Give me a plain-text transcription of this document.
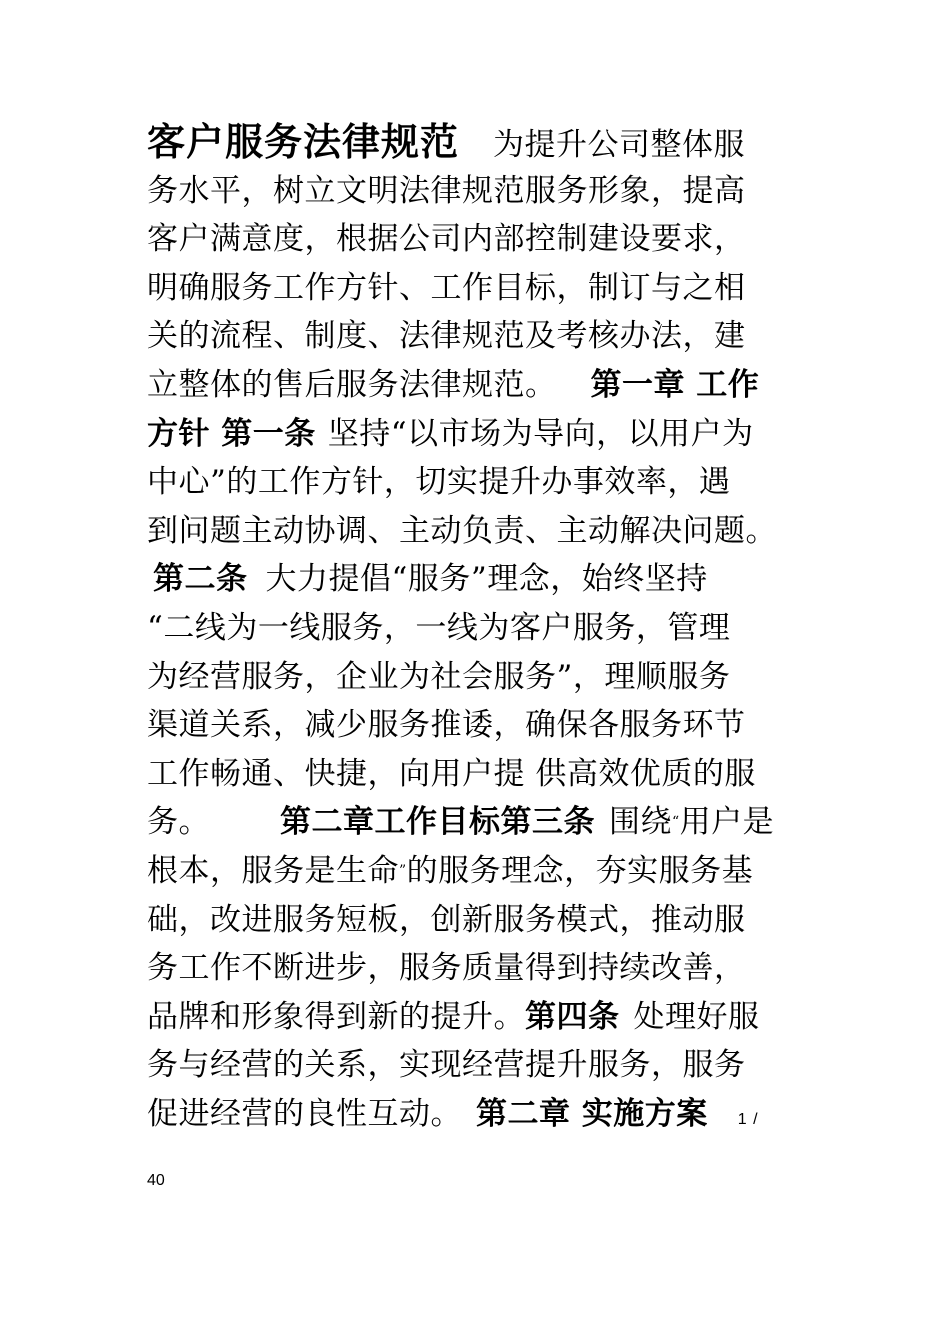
客户服务法律规范 为提升公司整体服
务水平，树立文明法律规范服务形象，提高
客户满意度，根据公司内部控制建设要求，
明确服务工作方针、工作目标，制订与之相
关的流程、制度、法律规范及考核办法，建
立整体的售后服务法律规范。 第一章 工作
方针 第一条 坚持“以市场为导向，以用户为
中心”的工作方针，切实提升办事效率，遇
到问题主动协调、主动负责、主动解决问题。
第二条 大力提倡“服务”理念，始终坚持
“二线为一线服务，一线为客户服务，管理
为经营服务，企业为社会服务”，理顺服务
渠道关系，减少服务推诿，确保各服务环节
工作畅通、快捷，向用户提 供高效优质的服
务。 第二章工作目标第三条 围绕“用户是
根本，服务是生命”的服务理念，夯实服务基
础，改进服务短板，创新服务模式，推动服
务工作不断进步，服务质量得到持续改善，
品牌和形象得到新的提升。第四条 处理好服
务与经营的关系，实现经营提升服务，服务
促进经营的良性互动。 第二章 实施方案 1 /
40
